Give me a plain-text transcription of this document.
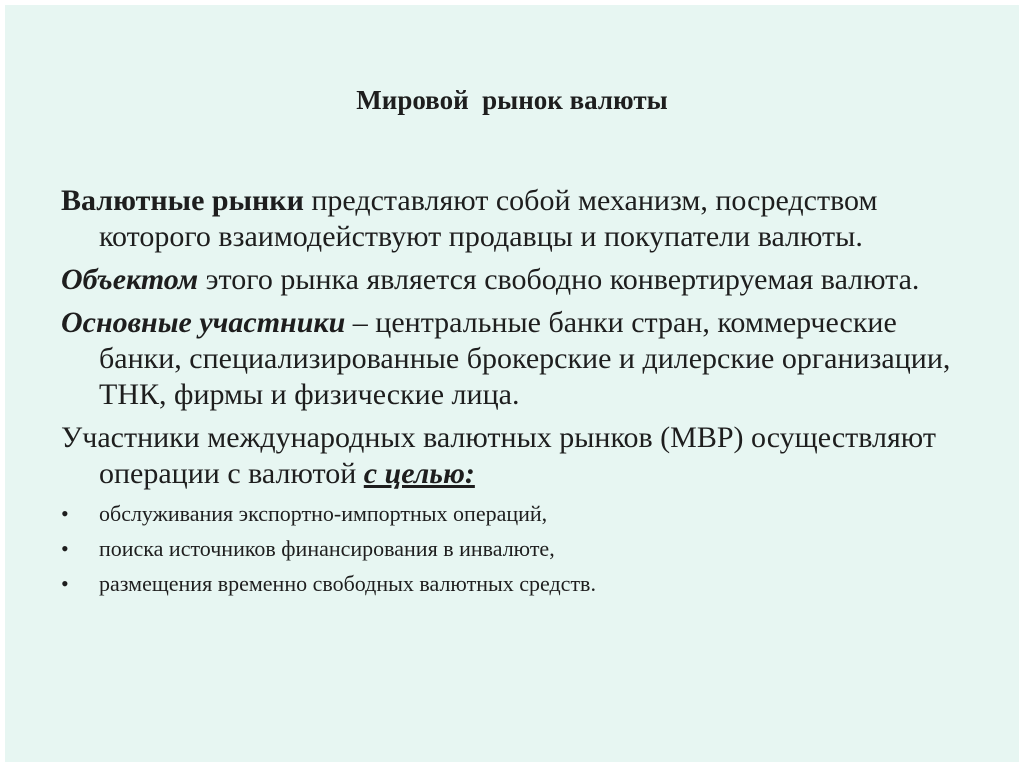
Мировой  рынок валюты

Валютные рынки представляют собой механизм, посредством которого взаимодействуют продавцы и покупатели валюты.

Объектом этого рынка является свободно конвертируемая валюта.

Основные участники – центральные банки стран, коммерческие банки, специализированные брокерские и дилерские организации, ТНК, фирмы и физические лица.

Участники международных валютных рынков (МВР) осуществляют операции с валютой с целью:

• обслуживания экспортно-импортных операций,
• поиска источников финансирования в инвалюте,
• размещения временно свободных валютных средств.
